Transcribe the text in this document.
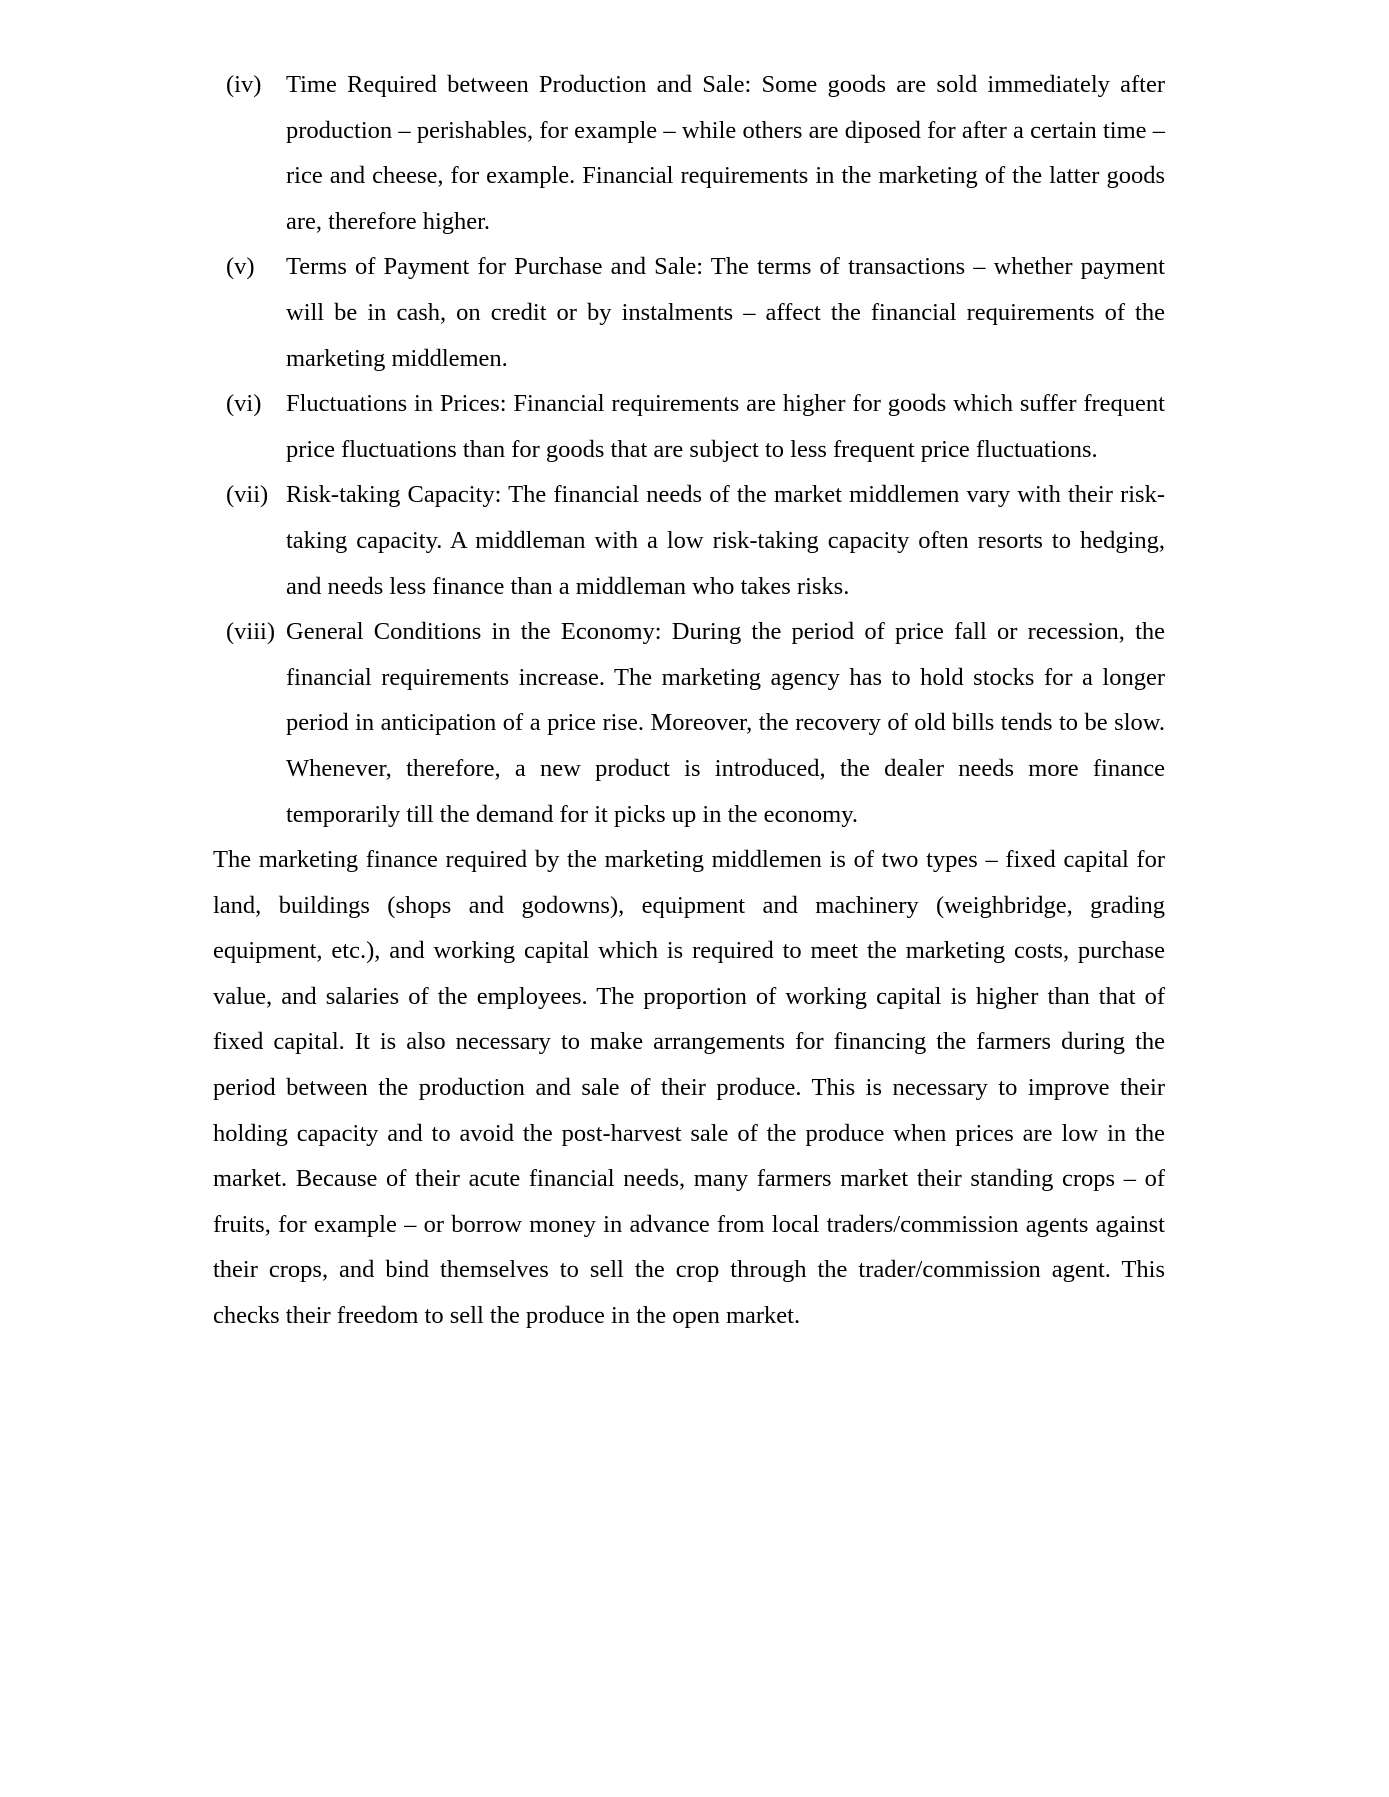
(iv) Time Required between Production and Sale: Some goods are sold immediately after production – perishables, for example – while others are diposed for after a certain time – rice and cheese, for example. Financial requirements in the marketing of the latter goods are, therefore higher.
(v) Terms of Payment for Purchase and Sale: The terms of transactions – whether payment will be in cash, on credit or by instalments – affect the financial requirements of the marketing middlemen.
(vi) Fluctuations in Prices: Financial requirements are higher for goods which suffer frequent price fluctuations than for goods that are subject to less frequent price fluctuations.
(vii) Risk-taking Capacity: The financial needs of the market middlemen vary with their risk-taking capacity. A middleman with a low risk-taking capacity often resorts to hedging, and needs less finance than a middleman who takes risks.
(viii) General Conditions in the Economy: During the period of price fall or recession, the financial requirements increase. The marketing agency has to hold stocks for a longer period in anticipation of a price rise. Moreover, the recovery of old bills tends to be slow. Whenever, therefore, a new product is introduced, the dealer needs more finance temporarily till the demand for it picks up in the economy.

The marketing finance required by the marketing middlemen is of two types – fixed capital for land, buildings (shops and godowns), equipment and machinery (weighbridge, grading equipment, etc.), and working capital which is required to meet the marketing costs, purchase value, and salaries of the employees. The proportion of working capital is higher than that of fixed capital. It is also necessary to make arrangements for financing the farmers during the period between the production and sale of their produce. This is necessary to improve their holding capacity and to avoid the post-harvest sale of the produce when prices are low in the market. Because of their acute financial needs, many farmers market their standing crops – of fruits, for example – or borrow money in advance from local traders/commission agents against their crops, and bind themselves to sell the crop through the trader/commission agent. This checks their freedom to sell the produce in the open market.
